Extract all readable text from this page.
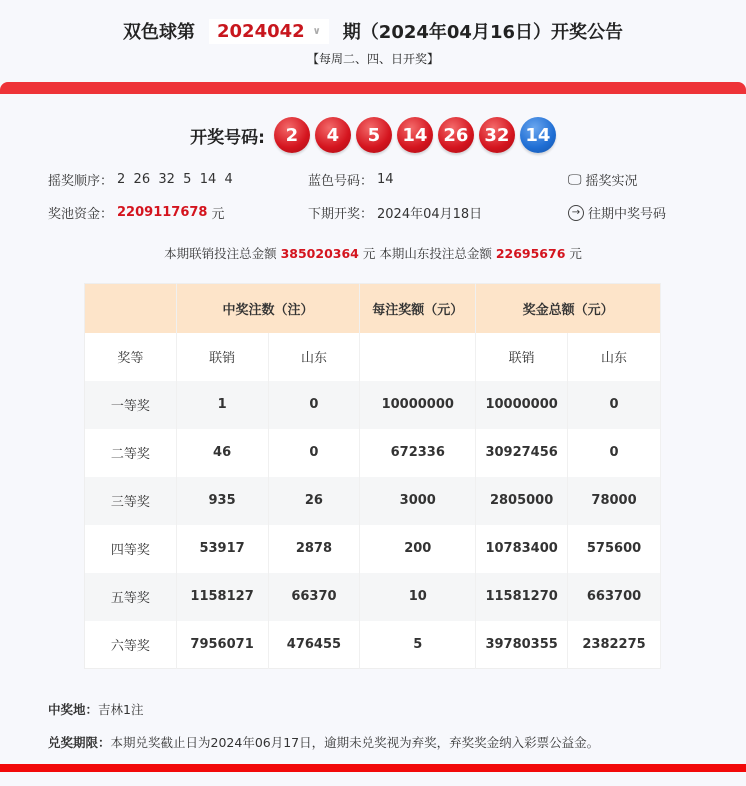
双色球第 2024042 ∨ 期（2024年04月16日）开奖公告
【每周二、四、日开奖】
开奖号码:	2	4	5	14 26 32 14
摇奖顺序： 2  26  32  5  14  4	蓝色号码： 14	🖵 摇奖实况
奖池资金： 2209117678 元	下期开奖： 2024年04月18日	→ 往期中奖号码
本期联销投注总金额 385020364 元 本期山东投注总金额 22695676 元
	中奖注数（注）		每注奖额（元）	奖金总额（元）	
奖等	联销	山东		联销	山东
一等奖	1	0	10000000	10000000	0
二等奖	46	0	672336	30927456	0
三等奖	935	26	3000	2805000	78000
四等奖	53917	2878	200	10783400	575600
五等奖	1158127	66370	10	11581270	663700
六等奖	7956071	476455	5	39780355	2382275
中奖地：吉林1注
兑奖期限：本期兑奖截止日为2024年06月17日，逾期未兑奖视为弃奖，弃奖奖金纳入彩票公益金。
